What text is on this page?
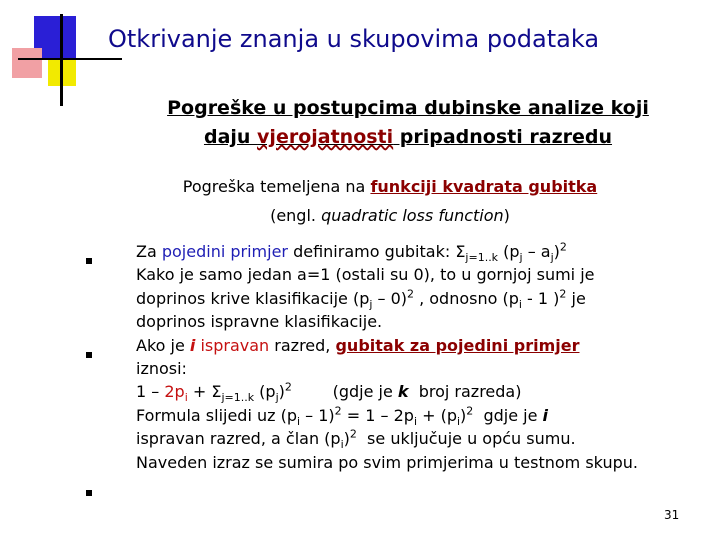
Otkrivanje znanja u skupovima podataka
Pogreške u postupcima dubinske analize koji
daju vjerojatnosti pripadnosti razredu
Pogreška temeljena na funkciji kvadrata gubitka
(engl. quadratic loss function)
Za pojedini primjer definiramo gubitak: $\Sigma_{j=1..k}$ $(p_j - a_j)^2$
Kako je samo jedan a=1 (ostali su 0), to u gornjoj sumi je
doprinos krive klasifikacije $(p_j - 0)^2$ , odnosno ($p_i - 1$ )$^2$ je
doprinos ispravne klasifikacije.
Ako je i ispravan razred, gubitak za pojedini primjer
iznosi:
$1 - 2p_i + \Sigma_{j=1..k}$ $(p_j)^2$        (gdje je k  broj razreda)
Formula slijedi uz $(p_i - 1)^2 = 1 - 2p_i + (p_i)^2$  gdje je i
ispravan razred, a član $(p_i)^2$  se uključuje u opću sumu.
Naveden izraz se sumira po svim primjerima u testnom skupu.
31
